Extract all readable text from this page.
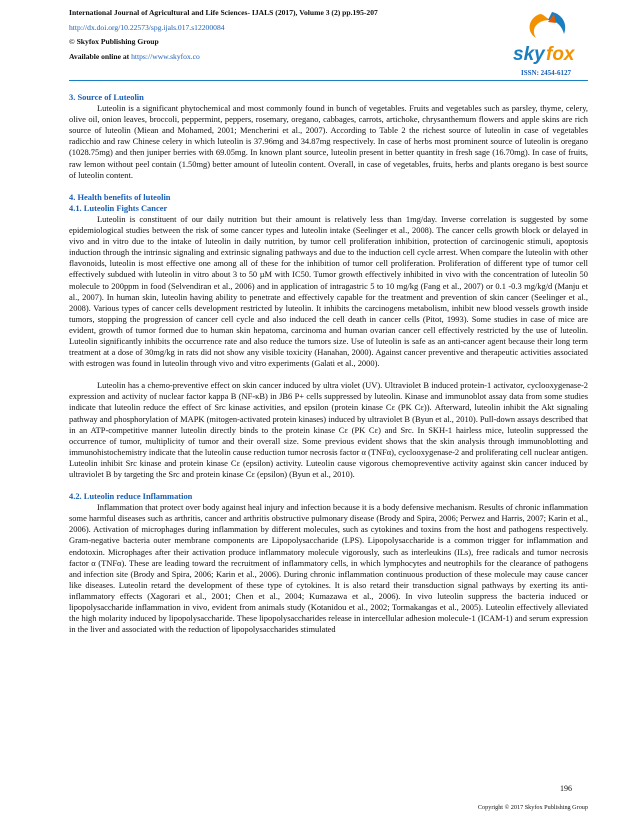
International Journal of Agricultural and Life Sciences- IJALS (2017), Volume 3 (2) pp.195-207
http://dx.doi.org/10.22573/spg.ijals.017.s12200084
© Skyfox Publishing Group
Available online at https://www.skyfox.co	sky fox
ISSN: 2454-6127

3. Source of Luteolin

Luteolin is a significant phytochemical and most commonly found in bunch of vegetables. Fruits and vegetables such as parsley, thyme, celery, olive oil, onion leaves, broccoli, peppermint, peppers, rosemary, oregano, cabbages, carrots, artichoke, chrysanthemum flowers and apple skins are rich source of luteolin (Miean and Mohamed, 2001; Mencherini et al., 2007). According to Table 2 the richest source of luteolin in case of vegetables radicchio and raw Chinese celery in which luteolin is 37.96mg and 34.87mg respectively. In case of herbs most prominent source of luteolin is oregano (1028.75mg) and then juniper berries with 69.05mg. In known plant source, luteolin present in better quantity in fresh sage (16.70mg). In case of fruits, raw lemon without peel contain (1.50mg) better amount of luteolin content. Overall, in case of vegetables, fruits, herbs and plants oregano is best source of luteolin content.

4. Health benefits of luteolin

4.1. Luteolin Fights Cancer

Luteolin is constituent of our daily nutrition but their amount is relatively less than 1mg/day. Inverse correlation is suggested by some epidemiological studies between the risk of some cancer types and luteolin intake (Seelinger et al., 2008). The cancer cells growth block or delayed in vivo and in vitro due to the intake of luteolin in daily nutrition, by tumor cell proliferation inhibition, protection of carcinogenic stimuli, apoptosis induction through the intrinsic signaling and extrinsic signaling pathways and due to the induction cell cycle arrest. When compare the luteolin with other flavonoids, luteolin is most effective one among all of these for the inhibition of tumor cell proliferation. Proliferation of different type of tumor cell effectively subdued with luteolin in vitro about 3 to 50 µM with IC50. Tumor growth effectively inhibited in vivo with the concentration of luteolin 50 molecule to 200ppm in food (Selvendiran et al., 2006) and in application of intragastric 5 to 10 mg/kg (Fang et al., 2007) or 0.1 -0.3 mg/kg/d (Manju et al., 2007). In human skin, luteolin having ability to penetrate and effectively capable for the treatment and prevention of skin cancer (Seelinger et al., 2008). Various types of cancer cells development restricted by luteolin. It inhibits the carcinogens metabolism, inhibit new blood vessels growth inside tumors, stopping the progression of cancer cell cycle and also induced the cell death in cancer cells (Pitot, 1993). Some studies in case of mice are evident, growth of tumor formed due to human skin hepatoma, carcinoma and human ovarian cancer cell effectively restricted by the use of luteolin. Luteolin significantly inhibits the occurrence rate and also reduce the tumors size. Use of luteolin is safe as an anti-cancer agent because their long term treatment at a dose of 30mg/kg in rats did not show any visible toxicity (Hanahan, 2000). Against cancer preventive and therapeutic activities associated with estrogen was found in luteolin through vivo and vitro experiments (Galati et al., 2000).

Luteolin has a chemo-preventive effect on skin cancer induced by ultra violet (UV). Ultraviolet B induced protein-1 activator, cyclooxygenase-2 expression and activity of nuclear factor kappa B (NF-κB) in JB6 P+ cells suppressed by luteolin. Kinase and immunoblot assay data from some studies indicate that luteolin reduce the effect of Src kinase activities, and epsilon (protein kinase Cε (PK Cε)). Afterward, luteolin inhibit the Akt signaling pathway and phosphorylation of MAPK (mitogen-activated protein kinases) induced by ultraviolet B (Byun et al., 2010). Pull-down assays described that in an ATP-competitive manner luteolin directly binds to the protein kinase Cε (PK Cε) and Src. In SKH-1 hairless mice, luteolin suppressed the occurrence of tumor, multiplicity of tumor and their overall size. Some previous evident shows that the skin analysis through immunoblotting and immunohistochemistry indicate that the luteolin cause reduction tumor necrosis factor α (TNFα), cyclooxygenase-2 and proliferating cell nuclear antigen. Luteolin inhibit Src kinase and protein kinase Cε (epsilon) activity. Luteolin cause vigorous chemopreventive activity against skin cancer induced by ultraviolet B by targeting the Src and protein kinase Cε (epsilon) (Byun et al., 2010).

4.2. Luteolin reduce Inflammation

Inflammation that protect over body against heal injury and infection because it is a body defensive mechanism. Results of chronic inflammation some harmful diseases such as arthritis, cancer and arthritis obstructive pulmonary disease (Brody and Spira, 2006; Perwez and Harris, 2007; Karin et al., 2006). Activation of microphages during inflammation by different molecules, such as cytokines and toxins from the host and pathogens respectively. Gram-negative bacteria outer membrane components are Lipopolysaccharide (LPS). Lipopolysaccharide is a common trigger for inflammation and endotoxin. Microphages after their activation produce inflammatory molecule vigorously, such as interleukins (ILs), free radicals and tumor necrosis factor α (TNFα). These are leading toward the recruitment of inflammatory cells, in which lymphocytes and neutrophils for the clearance of pathogens and infection site (Brody and Spira, 2006; Karin et al., 2006). During chronic inflammation continuous production of these molecule may cause cancer like diseases. Luteolin retard the development of these type of cytokines. It is also retard their transduction signal pathways by exerting its anti-inflammatory effects (Xagorari et al., 2001; Chen et al., 2004; Kumazawa et al., 2006). In vivo luteolin suppress the bacteria induced or lipopolysaccharide inflammation in vivo, evident from animals study (Kotanidou et al., 2002; Tormakangas et al., 2005). Luteolin effectively alleviated the high molarity induced by lipopolysaccharide. These lipopolysaccharides release in intercellular adhesion molecule-1 (ICAM-1) and serum expression in the liver and associated with the reduction of lipopolysaccharides stimulated

196
Copyright © 2017 Skyfox Publishing Group
